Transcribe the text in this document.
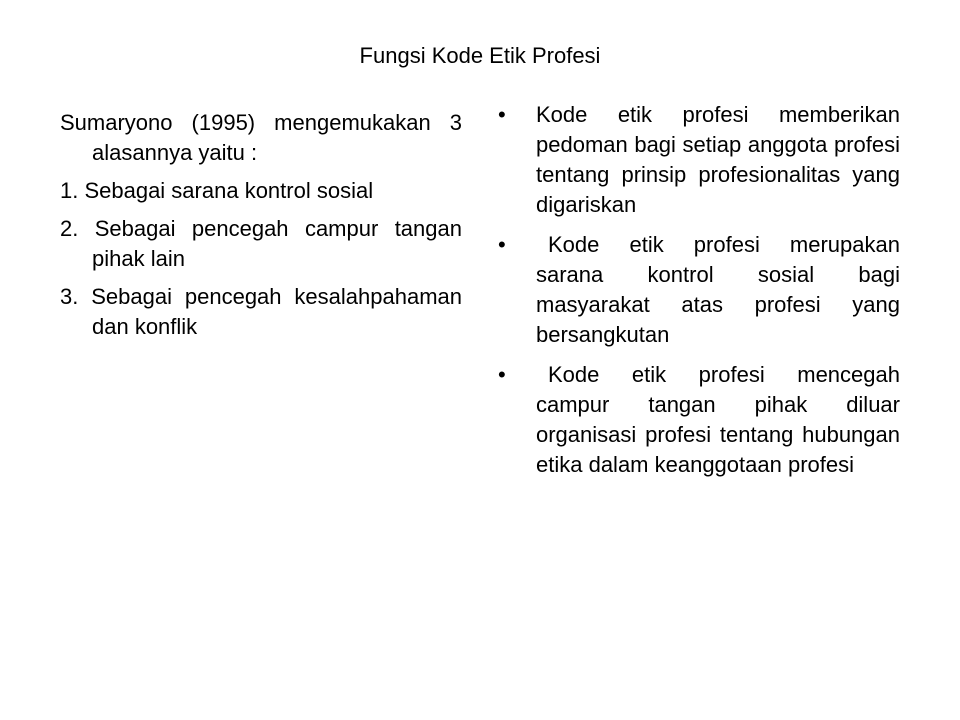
Fungsi Kode Etik Profesi

Sumaryono (1995) mengemukakan 3 alasannya yaitu :

1. Sebagai sarana kontrol sosial

2. Sebagai pencegah campur tangan pihak lain

3. Sebagai pencegah kesalahpahaman dan konflik

•	Kode etik profesi memberikan pedoman bagi setiap anggota profesi tentang prinsip profesionalitas yang digariskan
•	Kode etik profesi merupakan sarana kontrol sosial bagi masyarakat atas profesi yang bersangkutan
•	Kode etik profesi mencegah campur tangan pihak diluar organisasi profesi tentang hubungan etika dalam keanggotaan profesi
